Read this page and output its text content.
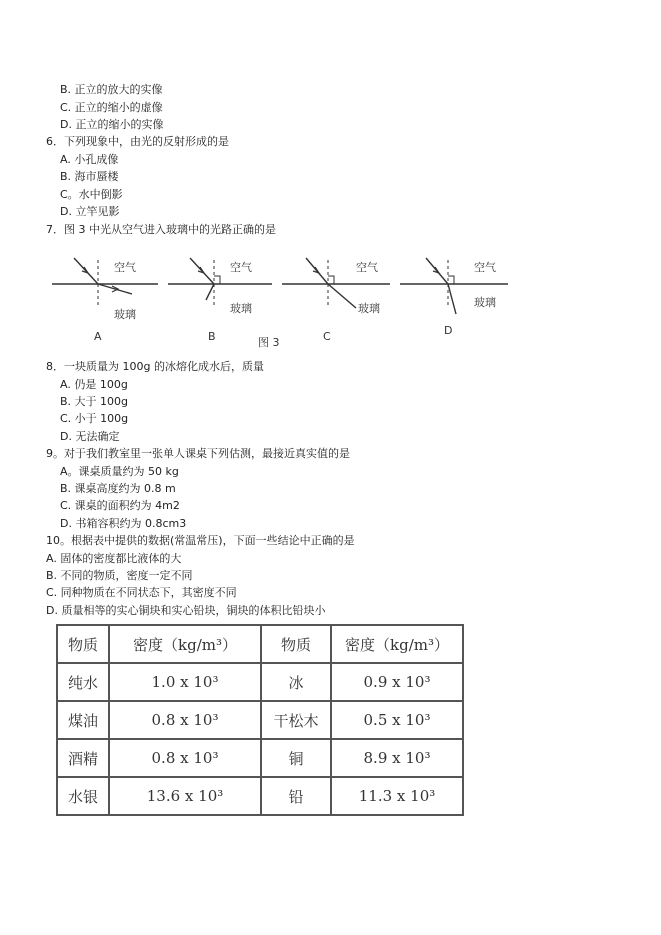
B. 正立的放大的实像
C. 正立的缩小的虚像
D. 正立的缩小的实像
6．下列现象中，由光的反射形成的是
A. 小孔成像
B. 海市蜃楼
C。水中倒影
D. 立竿见影
7．图 3 中光从空气进入玻璃中的光路正确的是
空气
玻璃
A
空气
玻璃
B
空气
玻璃
C
空气
玻璃
D
图 3
8．一块质量为 100g 的冰熔化成水后，质量
A. 仍是 100g
B. 大于 100g
C. 小于 100g
D. 无法确定
9。对于我们教室里一张单人课桌下列估测，最接近真实值的是
A。课桌质量约为 50 kg
B. 课桌高度约为 0.8 m
C. 课桌的面积约为 4m2
D. 书箱容积约为 0.8cm3
10。根据表中提供的数据(常温常压)，下面一些结论中正确的是
A. 固体的密度都比液体的大
B. 不同的物质，密度一定不同
C. 同种物质在不同状态下，其密度不同
D. 质量相等的实心铜块和实心铅块，铜块的体积比铅块小
物质	密度（kg/m³）	物质	密度（kg/m³）
纯水	1.0 x 10³	冰	0.9 x 10³
煤油	0.8 x 10³	干松木	0.5 x 10³
酒精	0.8 x 10³	铜	8.9 x 10³
水银	13.6 x 10³	铅	11.3 x 10³
